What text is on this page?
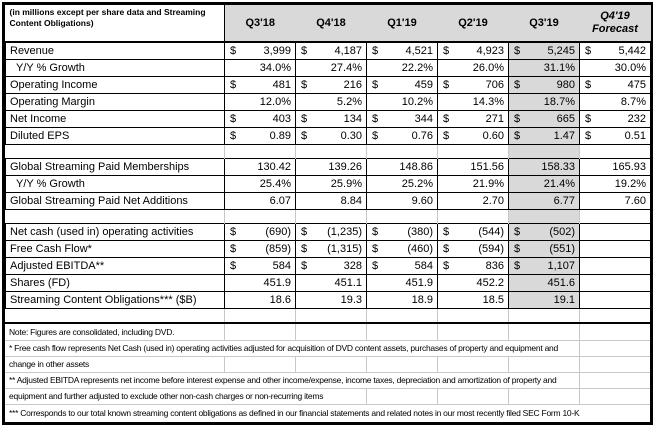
(in millions except per share data and Streaming Content Obligations)	Q3'18	Q4'18	Q1'19	Q2'19	Q3'19	Q4'19
Forecast

Revenue	$ 3,999	$ 4,187	$ 4,521	$ 4,923	$ 5,245	$ 5,442
Y/Y % Growth	34.0%	27.4%	22.2%	26.0%	31.1%	30.0%
Operating Income	$ 481	$ 216	$ 459	$ 706	$ 980	$ 475
Operating Margin	12.0%	5.2%	10.2%	14.3%	18.7%	8.7%
Net Income	$ 403	$ 134	$ 344	$ 271	$ 665	$ 232
Diluted EPS	$ 0.89	$ 0.30	$ 0.76	$ 0.60	$ 1.47	$ 0.51

Global Streaming Paid Memberships	130.42	139.26	148.86	151.56	158.33	165.93
Y/Y % Growth	25.4%	25.9%	25.2%	21.9%	21.4%	19.2%
Global Streaming Paid Net Additions	6.07	8.84	9.60	2.70	6.77	7.60

Net cash (used in) operating activities	$ (690)	$ (1,235)	$ (380)	$ (544)	$ (502)	
Free Cash Flow*	$ (859)	$ (1,315)	$ (460)	$ (594)	$ (551)	
Adjusted EBITDA**	$ 584	$ 328	$ 584	$ 836	$ 1,107	
Shares (FD)	451.9	451.1	451.9	452.2	451.6	
Streaming Content Obligations*** ($B)	18.6	19.3	18.9	18.5	19.1	
Note: Figures are consolidated, including DVD.
* Free cash flow represents Net Cash (used in) operating activities adjusted for acquisition of DVD content assets, purchases of property and equipment and
change in other assets
** Adjusted EBITDA represents net income before interest expense and other income/expense, income taxes, depreciation and amortization of property and
equipment and further adjusted to exclude other non-cash charges or non-recurring items
*** Corresponds to our total known streaming content obligations as defined in our financial statements and related notes in our most recently filed SEC Form 10-K
